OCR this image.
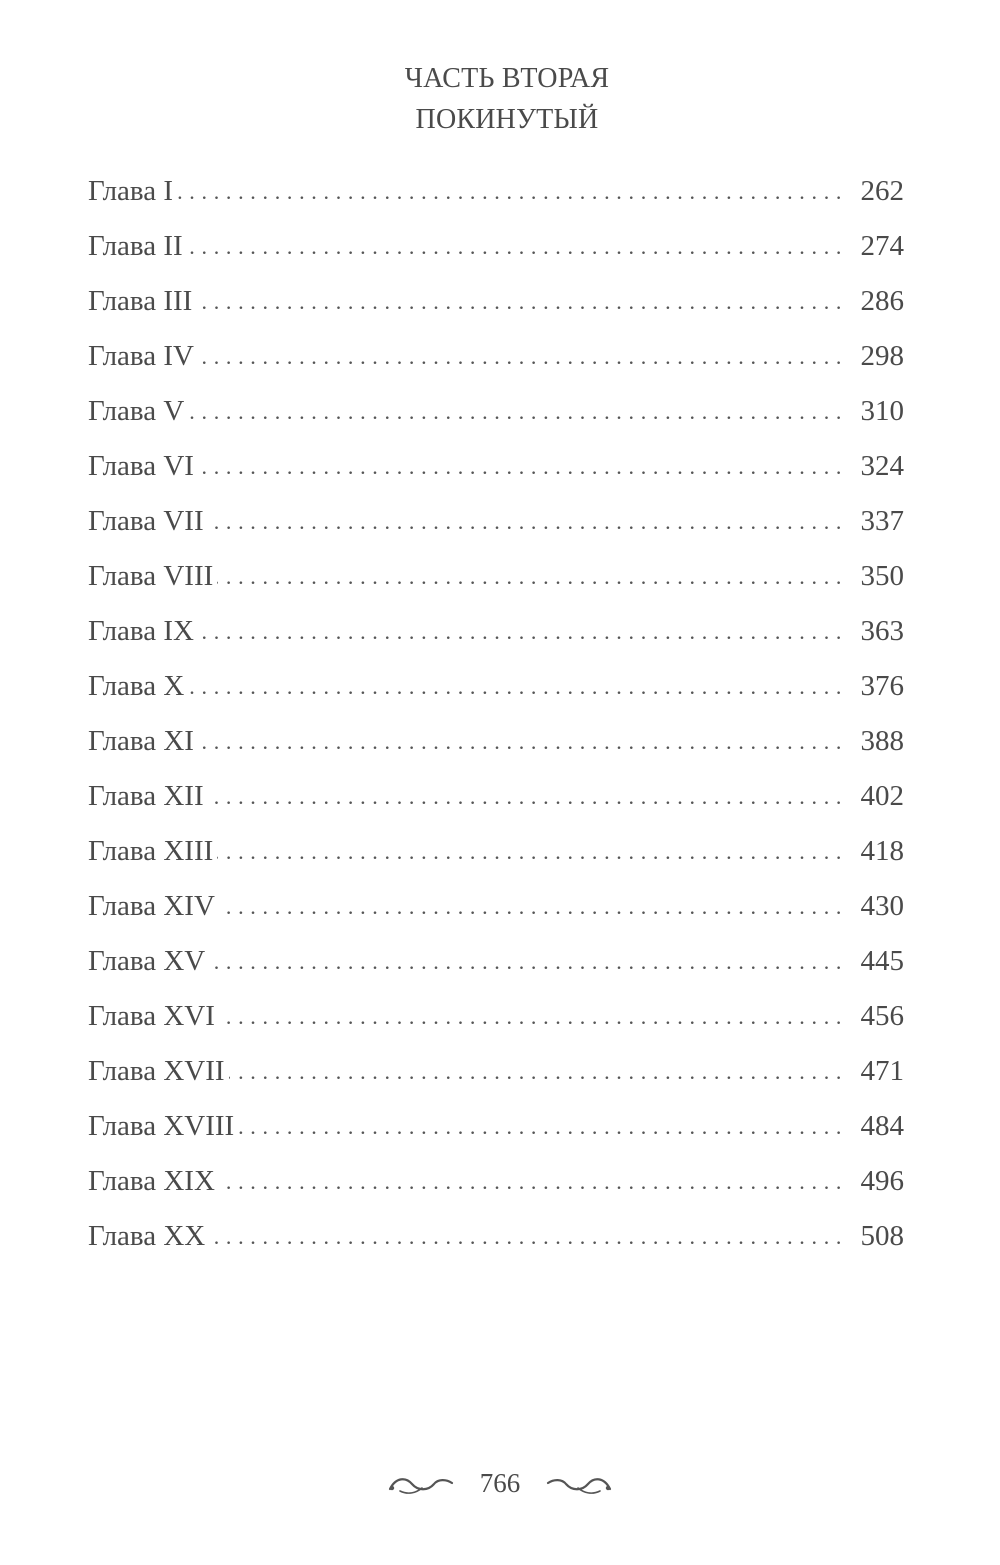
ЧАСТЬ ВТОРАЯ
ПОКИНУТЫЙ
Глава I . . .	262
Глава II . . .	274
Глава III . . .	286
Глава IV . . .	298
Глава V . . .	310
Глава VI . . .	324
Глава VII . . .	337
Глава VIII . . .	350
Глава IX . . .	363
Глава X . . .	376
Глава XI . . .	388
Глава XII . . .	402
Глава XIII . . .	418
Глава XIV . . .	430
Глава XV . . .	445
Глава XVI . . .	456
Глава XVII . . .	471
Глава XVIII . . .	484
Глава XIX . . .	496
Глава XX . . .	508
766
